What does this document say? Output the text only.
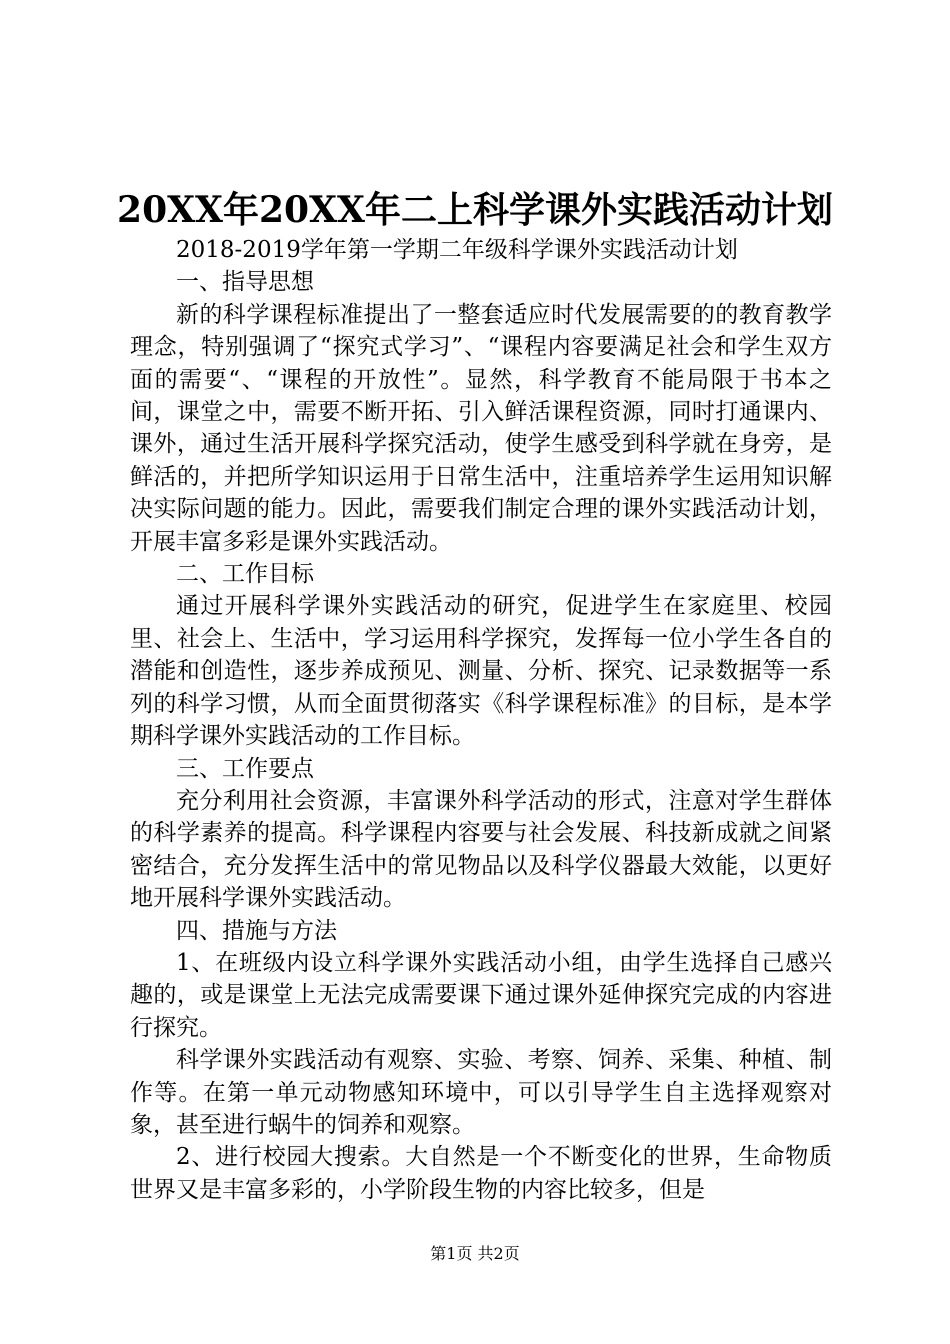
20XX年20XX年二上科学课外实践活动计划

2018-2019学年第一学期二年级科学课外实践活动计划

一、指导思想

新的科学课程标准提出了一整套适应时代发展需要的的教育教学理念，特别强调了“探究式学习”、“课程内容要满足社会和学生双方面的需要“、“课程的开放性”。显然，科学教育不能局限于书本之间，课堂之中，需要不断开拓、引入鲜活课程资源，同时打通课内、课外，通过生活开展科学探究活动，使学生感受到科学就在身旁，是鲜活的，并把所学知识运用于日常生活中，注重培养学生运用知识解决实际问题的能力。因此，需要我们制定合理的课外实践活动计划，开展丰富多彩是课外实践活动。

二、工作目标

通过开展科学课外实践活动的研究，促进学生在家庭里、校园里、社会上、生活中，学习运用科学探究，发挥每一位小学生各自的潜能和创造性，逐步养成预见、测量、分析、探究、记录数据等一系列的科学习惯，从而全面贯彻落实《科学课程标准》的目标，是本学期科学课外实践活动的工作目标。

三、工作要点

充分利用社会资源，丰富课外科学活动的形式，注意对学生群体的科学素养的提高。科学课程内容要与社会发展、科技新成就之间紧密结合，充分发挥生活中的常见物品以及科学仪器最大效能，以更好地开展科学课外实践活动。

四、措施与方法

1、在班级内设立科学课外实践活动小组，由学生选择自己感兴趣的，或是课堂上无法完成需要课下通过课外延伸探究完成的内容进行探究。

科学课外实践活动有观察、实验、考察、饲养、采集、种植、制作等。在第一单元动物感知环境中，可以引导学生自主选择观察对象，甚至进行蜗牛的饲养和观察。

2、进行校园大搜索。大自然是一个不断变化的世界，生命物质世界又是丰富多彩的，小学阶段生物的内容比较多，但是

第1页 共2页
